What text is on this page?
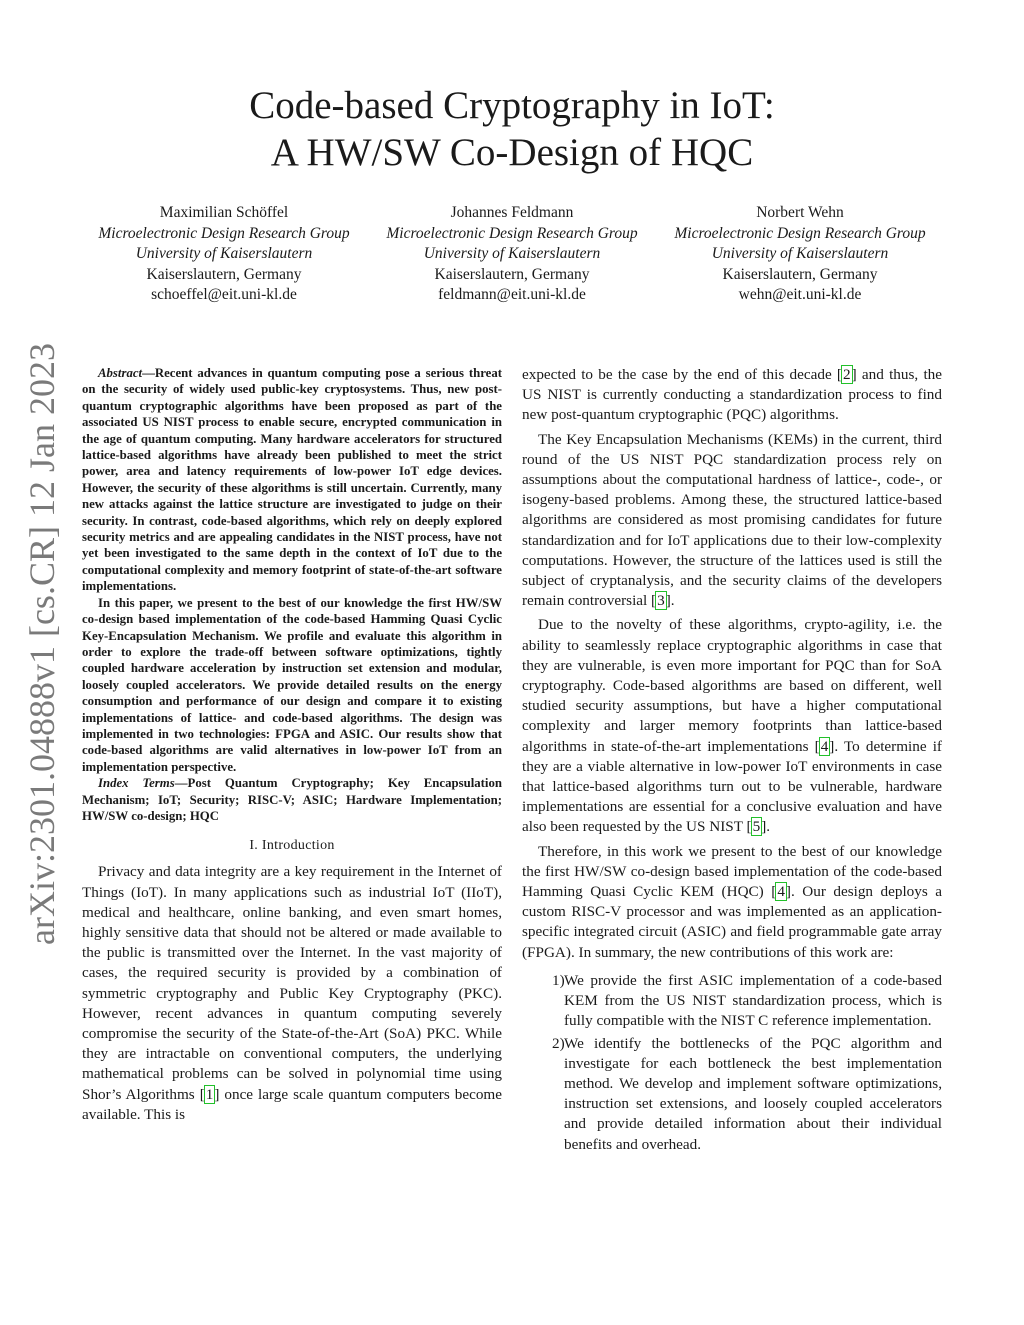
Code-based Cryptography in IoT:
A HW/SW Co-Design of HQC
Maximilian Schöffel
Microelectronic Design Research Group
University of Kaiserslautern
Kaiserslautern, Germany
schoeffel@eit.uni-kl.de
Johannes Feldmann
Microelectronic Design Research Group
University of Kaiserslautern
Kaiserslautern, Germany
feldmann@eit.uni-kl.de
Norbert Wehn
Microelectronic Design Research Group
University of Kaiserslautern
Kaiserslautern, Germany
wehn@eit.uni-kl.de
arXiv:2301.04888v1 [cs.CR] 12 Jan 2023	Abstract—Recent advances in quantum computing pose a serious threat on the security of widely used public-key cryptosystems. Thus, new post-quantum cryptographic algorithms have been proposed as part of the associated US NIST process to enable secure, encrypted communication in the age of quantum computing. Many hardware accelerators for structured lattice-based algorithms have already been published to meet the strict power, area and latency requirements of low-power IoT edge devices. However, the security of these algorithms is still uncertain. Currently, many new attacks against the lattice structure are investigated to judge on their security. In contrast, code-based algorithms, which rely on deeply explored security metrics and are appealing candidates in the NIST process, have not yet been investigated to the same depth in the context of IoT due to the computational complexity and memory footprint of state-of-the-art software implementations.

In this paper, we present to the best of our knowledge the first HW/SW co-design based implementation of the code-based Hamming Quasi Cyclic Key-Encapsulation Mechanism. We profile and evaluate this algorithm in order to explore the trade-off between software optimizations, tightly coupled hardware acceleration by instruction set extension and modular, loosely coupled accelerators. We provide detailed results on the energy consumption and performance of our design and compare it to existing implementations of lattice- and code-based algorithms. The design was implemented in two technologies: FPGA and ASIC. Our results show that code-based algorithms are valid alternatives in low-power IoT from an implementation perspective.

Index Terms—Post Quantum Cryptography; Key Encapsulation Mechanism; IoT; Security; RISC-V; ASIC; Hardware Implementation; HW/SW co-design; HQC

I. Introduction

Privacy and data integrity are a key requirement in the Internet of Things (IoT). In many applications such as industrial IoT (IIoT), medical and healthcare, online banking, and even smart homes, highly sensitive data that should not be altered or made available to the public is transmitted over the Internet. In the vast majority of cases, the required security is provided by a combination of symmetric cryptography and Public Key Cryptography (PKC). However, recent advances in quantum computing severely compromise the security of the State-of-the-Art (SoA) PKC. While they are intractable on conventional computers, the underlying mathematical problems can be solved in polynomial time using Shor’s Algorithms [1] once large scale quantum computers become available. This is

expected to be the case by the end of this decade [2] and thus, the US NIST is currently conducting a standardization process to find new post-quantum cryptographic (PQC) algorithms.

The Key Encapsulation Mechanisms (KEMs) in the current, third round of the US NIST PQC standardization process rely on assumptions about the computational hardness of lattice-, code-, or isogeny-based problems. Among these, the structured lattice-based algorithms are considered as most promising candidates for future standardization and for IoT applications due to their low-complexity computations. However, the structure of the lattices used is still the subject of cryptanalysis, and the security claims of the developers remain controversial [3].

Due to the novelty of these algorithms, crypto-agility, i.e. the ability to seamlessly replace cryptographic algorithms in case that they are vulnerable, is even more important for PQC than for SoA cryptography. Code-based algorithms are based on different, well studied security assumptions, but have a higher computational complexity and larger memory footprints than lattice-based algorithms in state-of-the-art implementations [4]. To determine if they are a viable alternative in low-power IoT environments in case that lattice-based algorithms turn out to be vulnerable, hardware implementations are essential for a conclusive evaluation and have also been requested by the US NIST [5].

Therefore, in this work we present to the best of our knowledge the first HW/SW co-design based implementation of the code-based Hamming Quasi Cyclic KEM (HQC) [4]. Our design deploys a custom RISC-V processor and was implemented as an application-specific integrated circuit (ASIC) and field programmable gate array (FPGA). In summary, the new contributions of this work are:

1) We provide the first ASIC implementation of a code-based KEM from the US NIST standardization process, which is fully compatible with the NIST C reference implementation.
2) We identify the bottlenecks of the PQC algorithm and investigate for each bottleneck the best implementation method. We develop and implement software optimizations, instruction set extensions, and loosely coupled accelerators and provide detailed information about their individual benefits and overhead.
